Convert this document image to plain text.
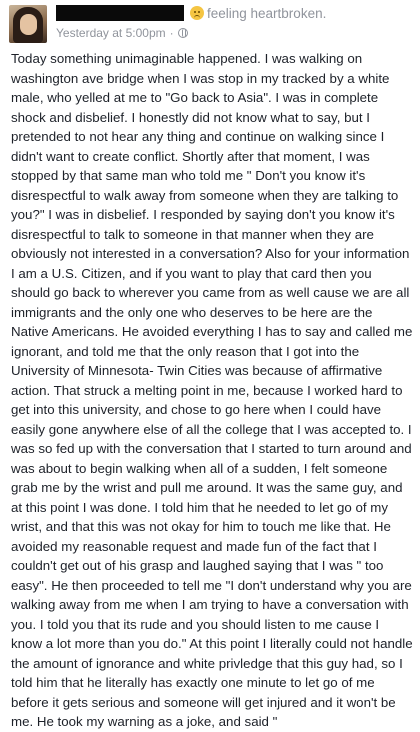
feeling heartbroken.
Yesterday at 5:00pm ·
Today something unimaginable happened. I was walking on washington ave bridge when I was stop in my tracked by a white male, who yelled at me to "Go back to Asia". I was in complete shock and disbelief. I honestly did not know what to say, but I pretended to not hear any thing and continue on walking since I didn't want to create conflict. Shortly after that moment, I was stopped by that same man who told me " Don't you know it's disrespectful to walk away from someone when they are talking to you?" I was in disbelief. I responded by saying don't you know it's disrespectful to talk to someone in that manner when they are obviously not interested in a conversation? Also for your information I am a U.S. Citizen, and if you want to play that card then you should go back to wherever you came from as well cause we are all immigrants and the only one who deserves to be here are the Native Americans. He avoided everything I has to say and called me ignorant, and told me that the only reason that I got into the University of Minnesota- Twin Cities was because of affirmative action. That struck a melting point in me, because I worked hard to get into this university, and chose to go here when I could have easily gone anywhere else of all the college that I was accepted to. I was so fed up with the conversation that I started to turn around and was about to begin walking when all of a sudden, I felt someone grab me by the wrist and pull me around. It was the same guy, and at this point I was done. I told him that he needed to let go of my wrist, and that this was not okay for him to touch me like that. He avoided my reasonable request and made fun of the fact that I couldn't get out of his grasp and laughed saying that I was " too easy". He then proceeded to tell me "I don't understand why you are walking away from me when I am trying to have a conversation with you. I told you that its rude and you should listen to me cause I know a lot more than you do." At this point I literally could not handle the amount of ignorance and white privledge that this guy had, so I told him that he literally has exactly one minute to let go of me before it gets serious and someone will get injured and it won't be me. He took my warning as a joke, and said "
